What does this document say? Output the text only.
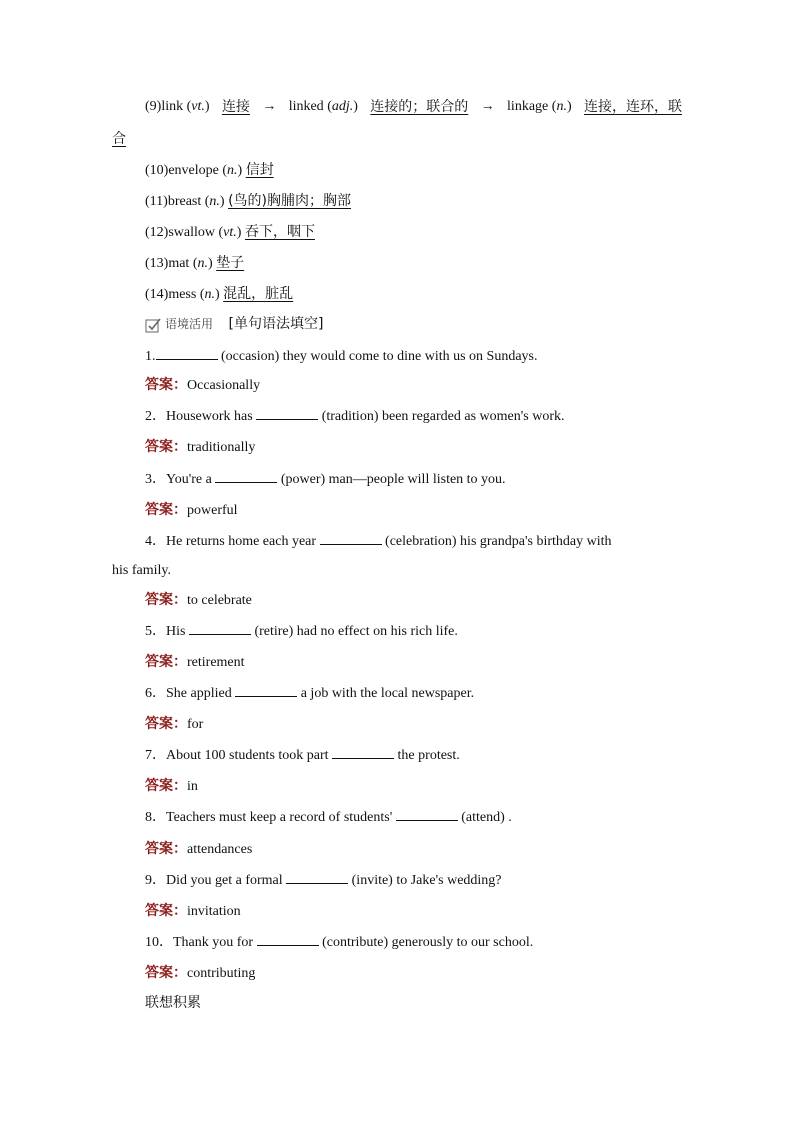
(9)link (vt.) 连接 → linked (adj.) 连接的；联合的 → linkage (n.) 连接，连环，联
合
(10)envelope (n.) 信封
(11)breast (n.) (鸟的)胸脯肉；胸部
(12)swallow (vt.) 吞下，咽下
(13)mat (n.) 垫子
(14)mess (n.) 混乱，脏乱
语境活用 [单句语法填空]
1.	(occasion) they would come to dine with us on Sundays.
答案：Occasionally
2．Housework has	(tradition) been regarded as women's work.
答案：traditionally
3．You're a	(power) man—people will listen to you.
答案：powerful
4．He returns home each year	(celebration) his grandpa's birthday with
his family.
答案：to celebrate
5．His	(retire) had no effect on his rich life.
答案：retirement
6．She applied	a job with the local newspaper.
答案：for
7．About 100 students took part	the protest.
答案：in
8．Teachers must keep a record of students'	(attend) .
答案：attendances
9．Did you get a formal	(invite) to Jake's wedding?
答案：invitation
10．Thank you for	(contribute) generously to our school.
答案：contributing
联想积累
